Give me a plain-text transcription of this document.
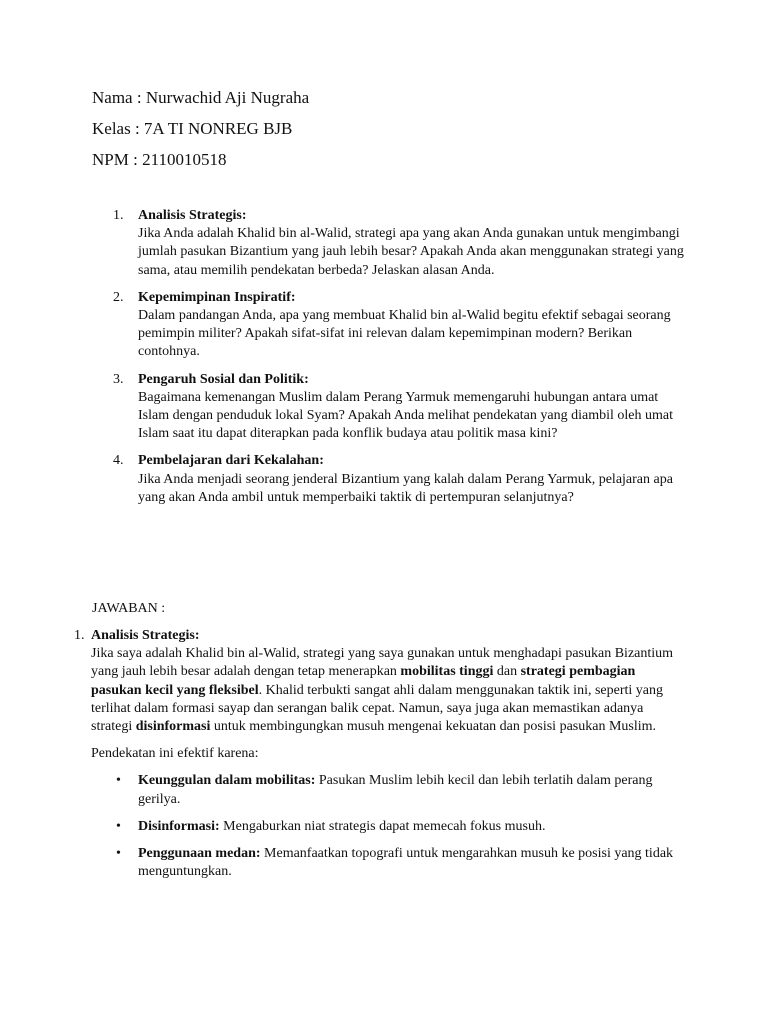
Nama : Nurwachid Aji Nugraha
Kelas : 7A TI NONREG BJB
NPM : 2110010518
1. Analisis Strategis:
Jika Anda adalah Khalid bin al-Walid, strategi apa yang akan Anda gunakan untuk mengimbangi jumlah pasukan Bizantium yang jauh lebih besar? Apakah Anda akan menggunakan strategi yang sama, atau memilih pendekatan berbeda? Jelaskan alasan Anda.
2. Kepemimpinan Inspiratif:
Dalam pandangan Anda, apa yang membuat Khalid bin al-Walid begitu efektif sebagai seorang pemimpin militer? Apakah sifat-sifat ini relevan dalam kepemimpinan modern? Berikan contohnya.
3. Pengaruh Sosial dan Politik:
Bagaimana kemenangan Muslim dalam Perang Yarmuk memengaruhi hubungan antara umat Islam dengan penduduk lokal Syam? Apakah Anda melihat pendekatan yang diambil oleh umat Islam saat itu dapat diterapkan pada konflik budaya atau politik masa kini?
4. Pembelajaran dari Kekalahan:
Jika Anda menjadi seorang jenderal Bizantium yang kalah dalam Perang Yarmuk, pelajaran apa yang akan Anda ambil untuk memperbaiki taktik di pertempuran selanjutnya?
JAWABAN :
1. Analisis Strategis:
Jika saya adalah Khalid bin al-Walid, strategi yang saya gunakan untuk menghadapi pasukan Bizantium yang jauh lebih besar adalah dengan tetap menerapkan mobilitas tinggi dan strategi pembagian pasukan kecil yang fleksibel. Khalid terbukti sangat ahli dalam menggunakan taktik ini, seperti yang terlihat dalam formasi sayap dan serangan balik cepat. Namun, saya juga akan memastikan adanya strategi disinformasi untuk membingungkan musuh mengenai kekuatan dan posisi pasukan Muslim.
Pendekatan ini efektif karena:
• Keunggulan dalam mobilitas: Pasukan Muslim lebih kecil dan lebih terlatih dalam perang gerilya.
• Disinformasi: Mengaburkan niat strategis dapat memecah fokus musuh.
• Penggunaan medan: Memanfaatkan topografi untuk mengarahkan musuh ke posisi yang tidak menguntungkan.
